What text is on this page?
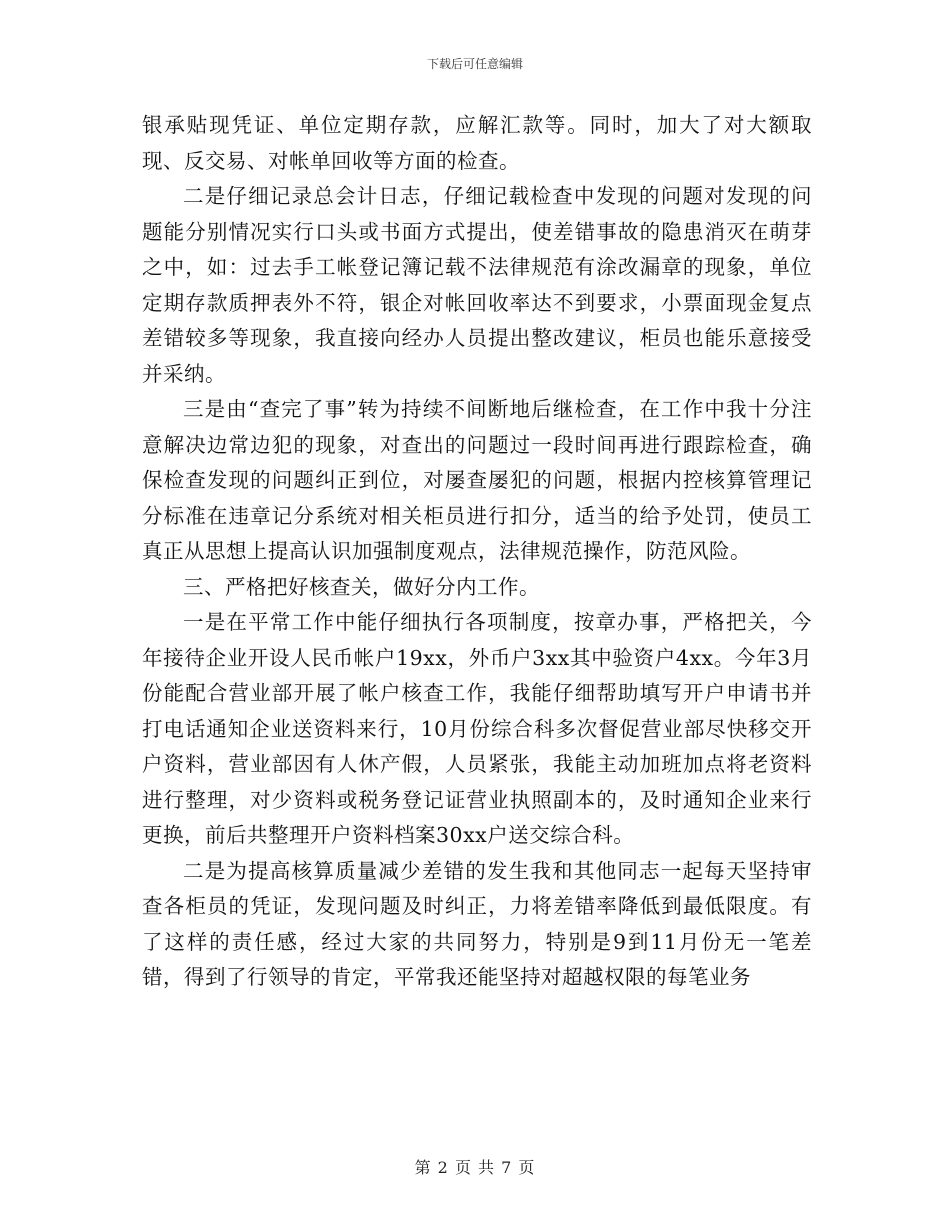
下载后可任意编辑

银承贴现凭证、单位定期存款，应解汇款等。同时，加大了对大额取现、反交易、对帐单回收等方面的检查。

二是仔细记录总会计日志，仔细记载检查中发现的问题对发现的问题能分别情况实行口头或书面方式提出，使差错事故的隐患消灭在萌芽之中，如：过去手工帐登记簿记载不法律规范有涂改漏章的现象，单位定期存款质押表外不符，银企对帐回收率达不到要求，小票面现金复点差错较多等现象，我直接向经办人员提出整改建议，柜员也能乐意接受并采纳。

三是由“查完了事”转为持续不间断地后继检查，在工作中我十分注意解决边常边犯的现象，对查出的问题过一段时间再进行跟踪检查，确保检查发现的问题纠正到位，对屡查屡犯的问题，根据内控核算管理记分标准在违章记分系统对相关柜员进行扣分，适当的给予处罚，使员工真正从思想上提高认识加强制度观点，法律规范操作，防范风险。

三、严格把好核查关，做好分内工作。

一是在平常工作中能仔细执行各项制度，按章办事，严格把关，今年接待企业开设人民币帐户19xx，外币户3xx其中验资户4xx。今年3月份能配合营业部开展了帐户核查工作，我能仔细帮助填写开户申请书并打电话通知企业送资料来行，10月份综合科多次督促营业部尽快移交开户资料，营业部因有人休产假，人员紧张，我能主动加班加点将老资料进行整理，对少资料或税务登记证营业执照副本的，及时通知企业来行更换，前后共整理开户资料档案30xx户送交综合科。

二是为提高核算质量减少差错的发生我和其他同志一起每天坚持审查各柜员的凭证，发现问题及时纠正，力将差错率降低到最低限度。有了这样的责任感，经过大家的共同努力，特别是9到11月份无一笔差错，得到了行领导的肯定，平常我还能坚持对超越权限的每笔业务

第 2 页 共 7 页
